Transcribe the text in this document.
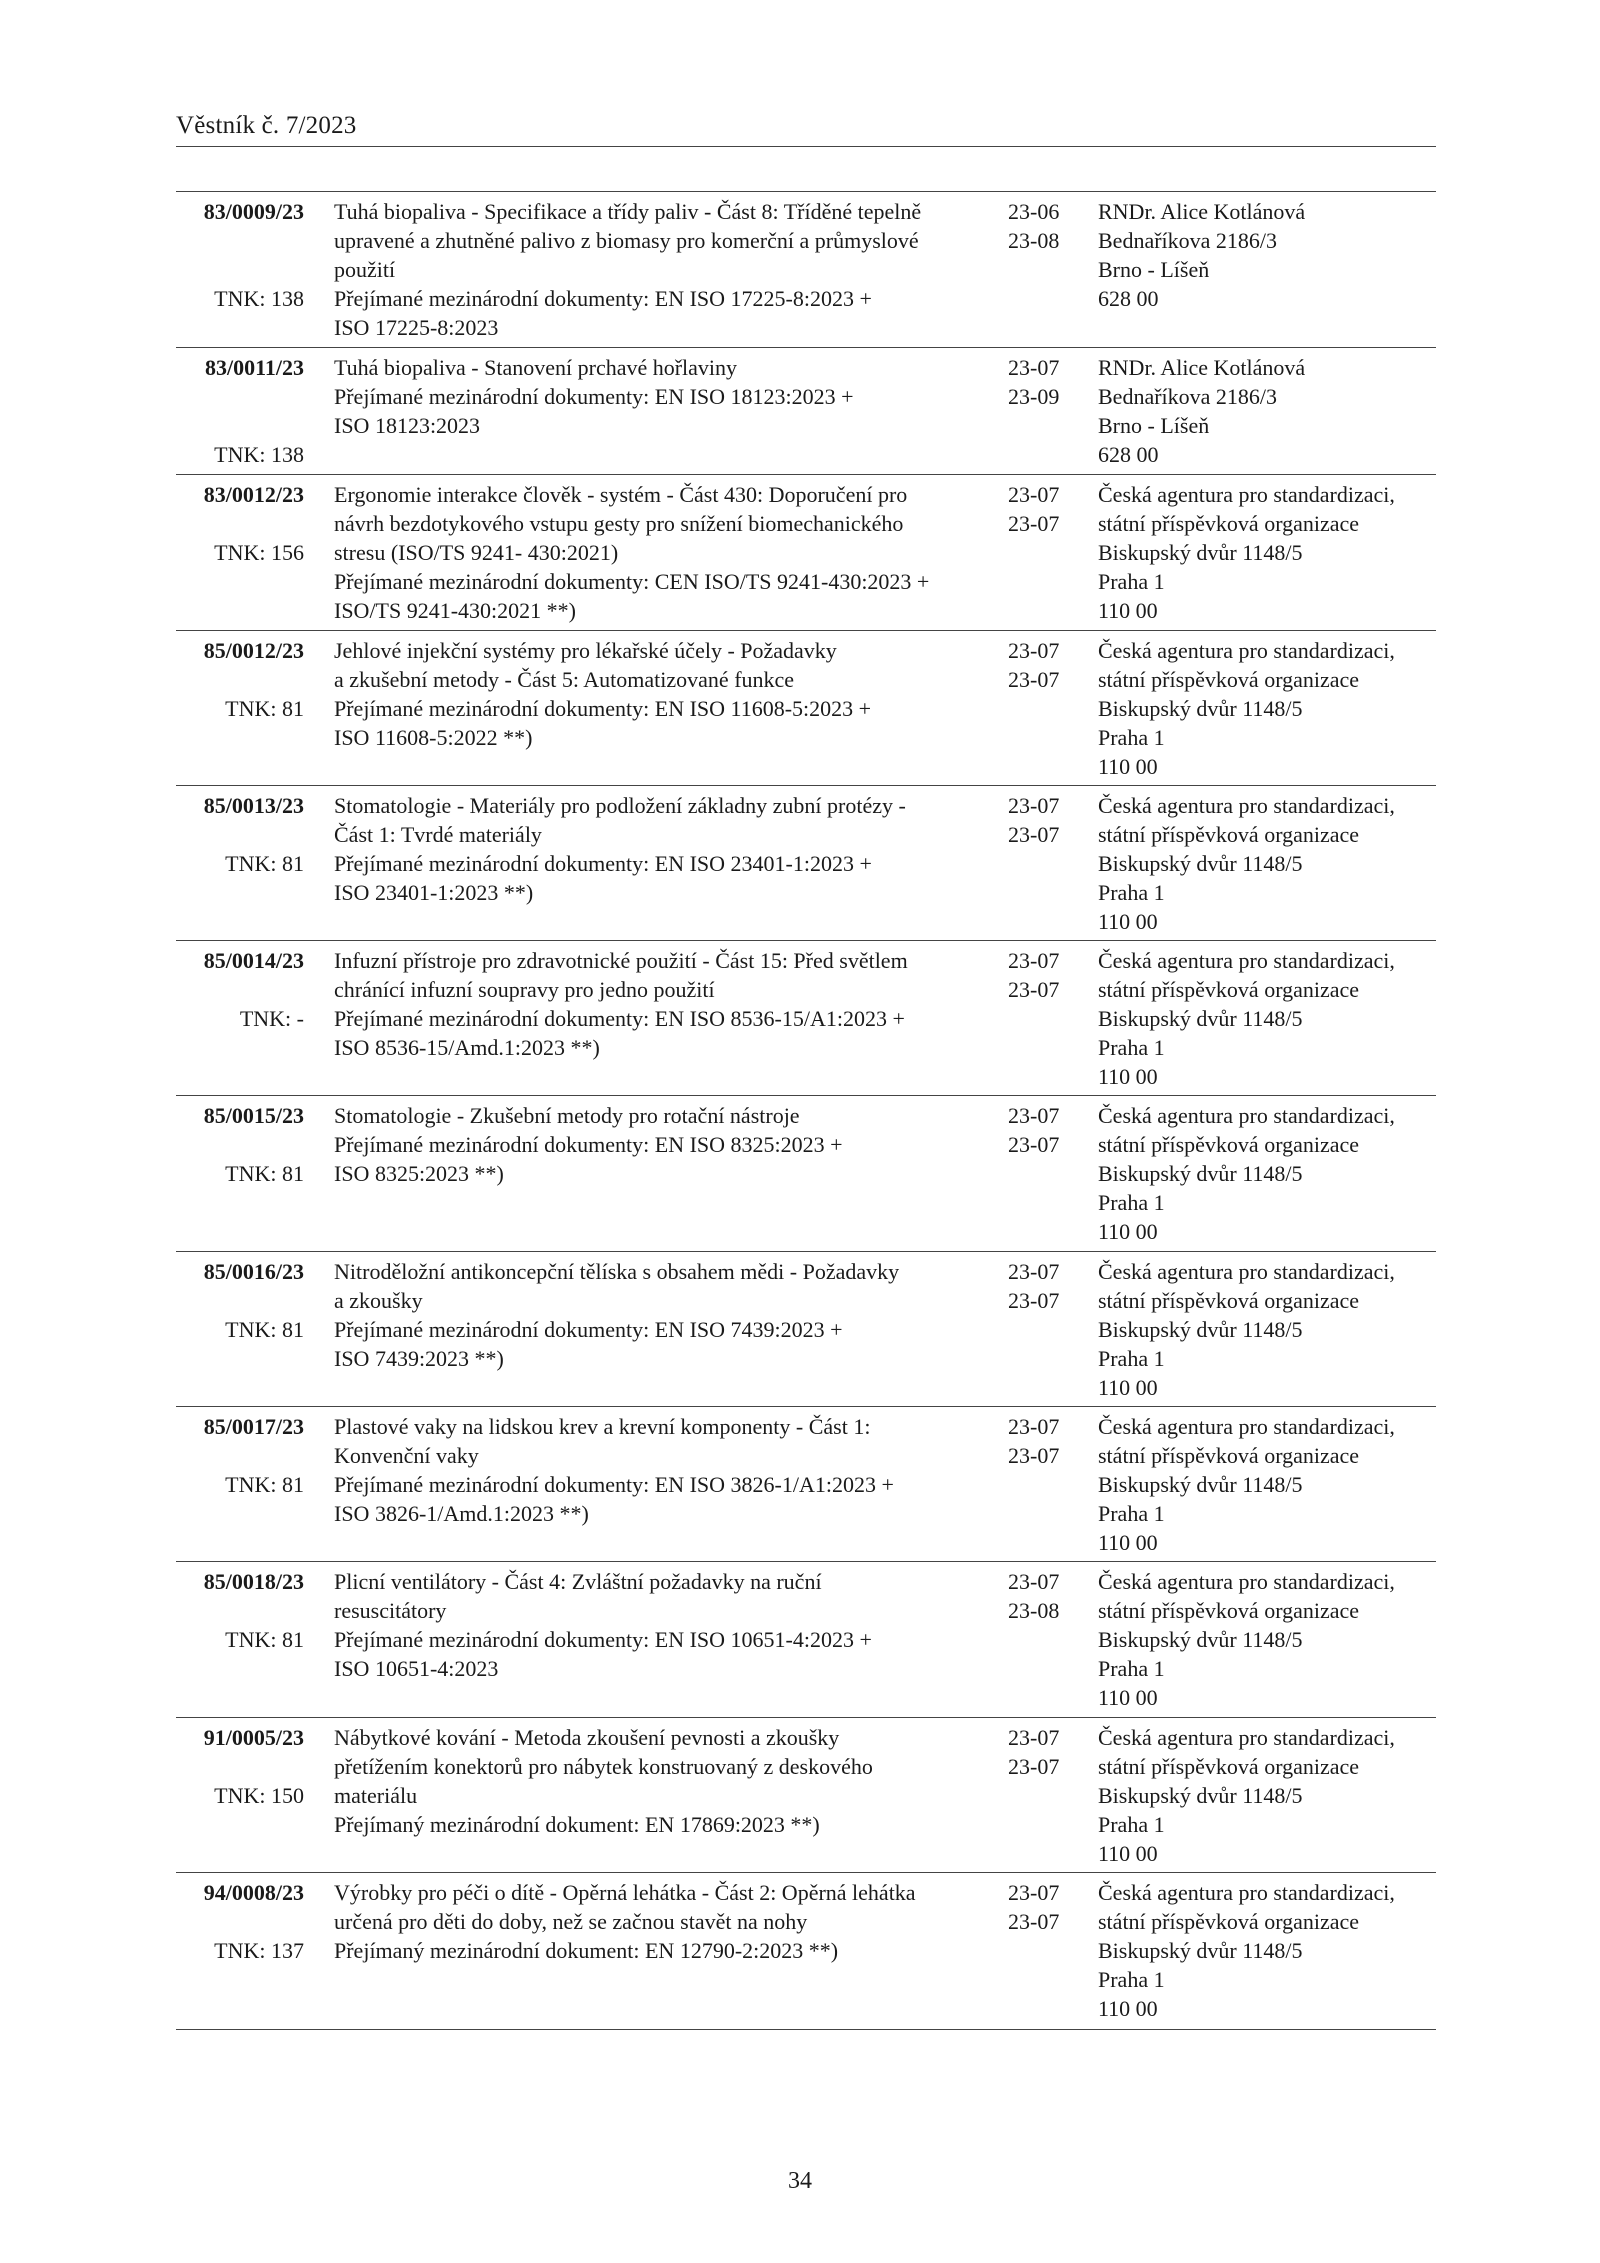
Věstník č. 7/2023
83/0009/23
TNK: 138
Tuhá biopaliva - Specifikace a třídy paliv - Část 8: Tříděné tepelně
upravené a zhutněné palivo z biomasy pro komerční a průmyslové
použití
Přejímané mezinárodní dokumenty: EN ISO 17225-8:2023 +
ISO 17225-8:2023
23-06
23-08
RNDr. Alice Kotlánová
Bednaříkova 2186/3
Brno - Líšeň
628 00
83/0011/23
TNK: 138
Tuhá biopaliva - Stanovení prchavé hořlaviny
Přejímané mezinárodní dokumenty: EN ISO 18123:2023 +
ISO 18123:2023
23-07
23-09
RNDr. Alice Kotlánová
Bednaříkova 2186/3
Brno - Líšeň
628 00
83/0012/23
TNK: 156
Ergonomie interakce člověk - systém - Část 430: Doporučení pro
návrh bezdotykového vstupu gesty pro snížení biomechanického
stresu (ISO/TS 9241- 430:2021)
Přejímané mezinárodní dokumenty: CEN ISO/TS 9241-430:2023 +
ISO/TS 9241-430:2021 **)
23-07
23-07
Česká agentura pro standardizaci,
státní příspěvková organizace
Biskupský dvůr 1148/5
Praha 1
110 00
85/0012/23
TNK: 81
Jehlové injekční systémy pro lékařské účely - Požadavky
a zkušební metody - Část 5: Automatizované funkce
Přejímané mezinárodní dokumenty: EN ISO 11608-5:2023 +
ISO 11608-5:2022 **)
23-07
23-07
Česká agentura pro standardizaci,
státní příspěvková organizace
Biskupský dvůr 1148/5
Praha 1
110 00
85/0013/23
TNK: 81
Stomatologie - Materiály pro podložení základny zubní protézy -
Část 1: Tvrdé materiály
Přejímané mezinárodní dokumenty: EN ISO 23401-1:2023 +
ISO 23401-1:2023 **)
23-07
23-07
Česká agentura pro standardizaci,
státní příspěvková organizace
Biskupský dvůr 1148/5
Praha 1
110 00
85/0014/23
TNK: -
Infuzní přístroje pro zdravotnické použití - Část 15: Před světlem
chránící infuzní soupravy pro jedno použití
Přejímané mezinárodní dokumenty: EN ISO 8536-15/A1:2023 +
ISO 8536-15/Amd.1:2023 **)
23-07
23-07
Česká agentura pro standardizaci,
státní příspěvková organizace
Biskupský dvůr 1148/5
Praha 1
110 00
85/0015/23
TNK: 81
Stomatologie - Zkušební metody pro rotační nástroje
Přejímané mezinárodní dokumenty: EN ISO 8325:2023 +
ISO 8325:2023 **)
23-07
23-07
Česká agentura pro standardizaci,
státní příspěvková organizace
Biskupský dvůr 1148/5
Praha 1
110 00
85/0016/23
TNK: 81
Nitroděložní antikoncepční tělíska s obsahem mědi - Požadavky
a zkoušky
Přejímané mezinárodní dokumenty: EN ISO 7439:2023 +
ISO 7439:2023 **)
23-07
23-07
Česká agentura pro standardizaci,
státní příspěvková organizace
Biskupský dvůr 1148/5
Praha 1
110 00
85/0017/23
TNK: 81
Plastové vaky na lidskou krev a krevní komponenty - Část 1:
Konvenční vaky
Přejímané mezinárodní dokumenty: EN ISO 3826-1/A1:2023 +
ISO 3826-1/Amd.1:2023 **)
23-07
23-07
Česká agentura pro standardizaci,
státní příspěvková organizace
Biskupský dvůr 1148/5
Praha 1
110 00
85/0018/23
TNK: 81
Plicní ventilátory - Část 4: Zvláštní požadavky na ruční
resuscitátory
Přejímané mezinárodní dokumenty: EN ISO 10651-4:2023 +
ISO 10651-4:2023
23-07
23-08
Česká agentura pro standardizaci,
státní příspěvková organizace
Biskupský dvůr 1148/5
Praha 1
110 00
91/0005/23
TNK: 150
Nábytkové kování - Metoda zkoušení pevnosti a zkoušky
přetížením konektorů pro nábytek konstruovaný z deskového
materiálu
Přejímaný mezinárodní dokument: EN 17869:2023 **)
23-07
23-07
Česká agentura pro standardizaci,
státní příspěvková organizace
Biskupský dvůr 1148/5
Praha 1
110 00
94/0008/23
TNK: 137
Výrobky pro péči o dítě - Opěrná lehátka - Část 2: Opěrná lehátka
určená pro děti do doby, než se začnou stavět na nohy
Přejímaný mezinárodní dokument: EN 12790-2:2023 **)
23-07
23-07
Česká agentura pro standardizaci,
státní příspěvková organizace
Biskupský dvůr 1148/5
Praha 1
110 00
34
